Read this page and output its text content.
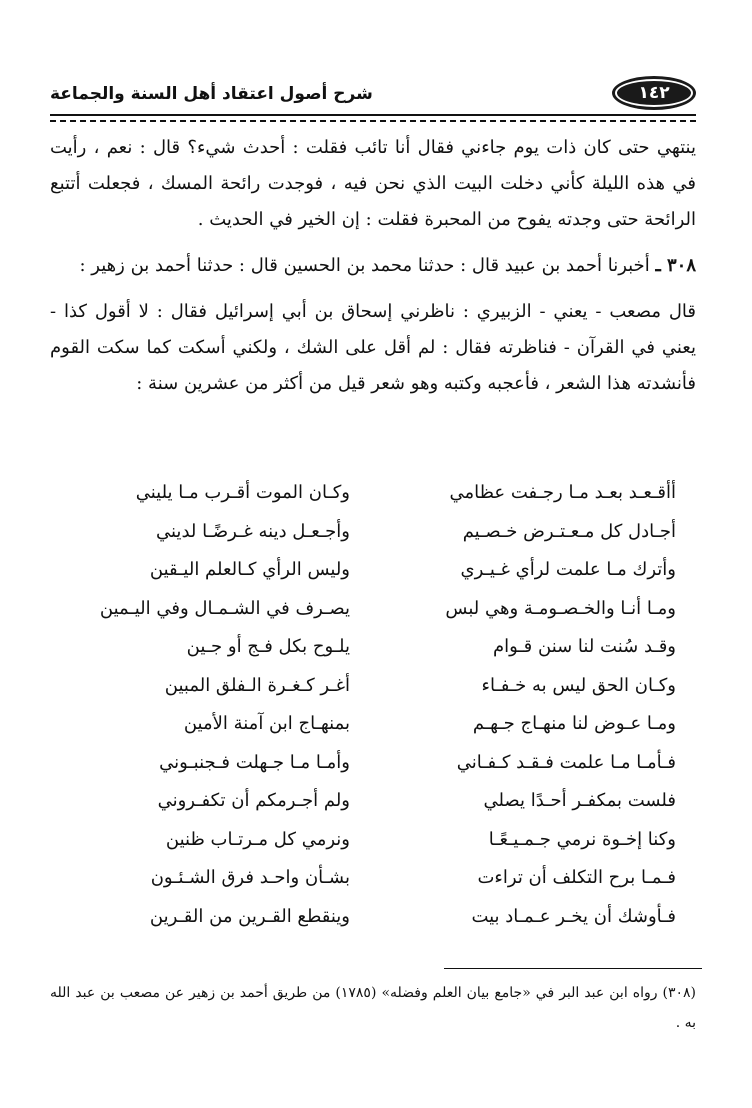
١٤٢
شرح أصول اعتقاد أهل السنة والجماعة

ينتهي حتى كان ذات يوم جاءني فقال أنا تائب فقلت : أحدث شيء؟ قال : نعم ، رأيت في هذه الليلة كأني دخلت البيت الذي نحن فيه ، فوجدت رائحة المسك ، فجعلت أتتبع الرائحة حتى وجدته يفوح من المحبرة فقلت : إن الخير في الحديث .

٣٠٨ ـ أخبرنا أحمد بن عبيد قال : حدثنا محمد بن الحسين قال : حدثنا أحمد بن زهير :

قال مصعب - يعني - الزبيري : ناظرني إسحاق بن أبي إسرائيل فقال : لا أقول كذا - يعني في القرآن - فناظرته فقال : لم أقل على الشك ، ولكني أسكت كما سكت القوم فأنشدته هذا الشعر ، فأعجبه وكتبه وهو شعر قيل من أكثر من عشرين سنة :

أأقـعـد بعـد مـا رجـفت عظامي
وكـان الموت أقـرب مـا يليني
أجـادل كل مـعـتـرض خـصـيم
وأجـعـل دينه غـرضًـا لديني
وأترك مـا علمت لرأي غـيـري
وليس الرأي كـالعلم اليـقين
ومـا أنـا والخـصـومـة وهي لبس
يصـرف في الشـمـال وفي اليـمين
وقـد سُنت لنا سنن قـوام
يلـوح بكل فـج أو جـين
وكـان الحق ليس به خـفـاء
أغـر كـغـرة الـفلق المبين
ومـا عـوض لنا منهـاج جـهـم
بمنهـاج ابن آمنة الأمين
فـأمـا مـا علمت فـقـد كـفـاني
وأمـا مـا جـهلت فـجنبـوني
فلست بمكفـر أحـدًا يصلي
ولم أجـرمكم أن تكفـروني
وكنا إخـوة نرمي جـمـيـعًـا
ونرمي كل مـرتـاب ظنين
فـمـا برح التكلف أن تراءت
بشـأن واحـد فرق الشـئـون
فـأوشك أن يخـر عـمـاد بيت
وينقطع القـرين من القـرين
(٣٠٨) رواه ابن عبد البر في «جامع بيان العلم وفضله» (١٧٨٥) من طريق أحمد بن زهير عن مصعب بن عبد الله به .
